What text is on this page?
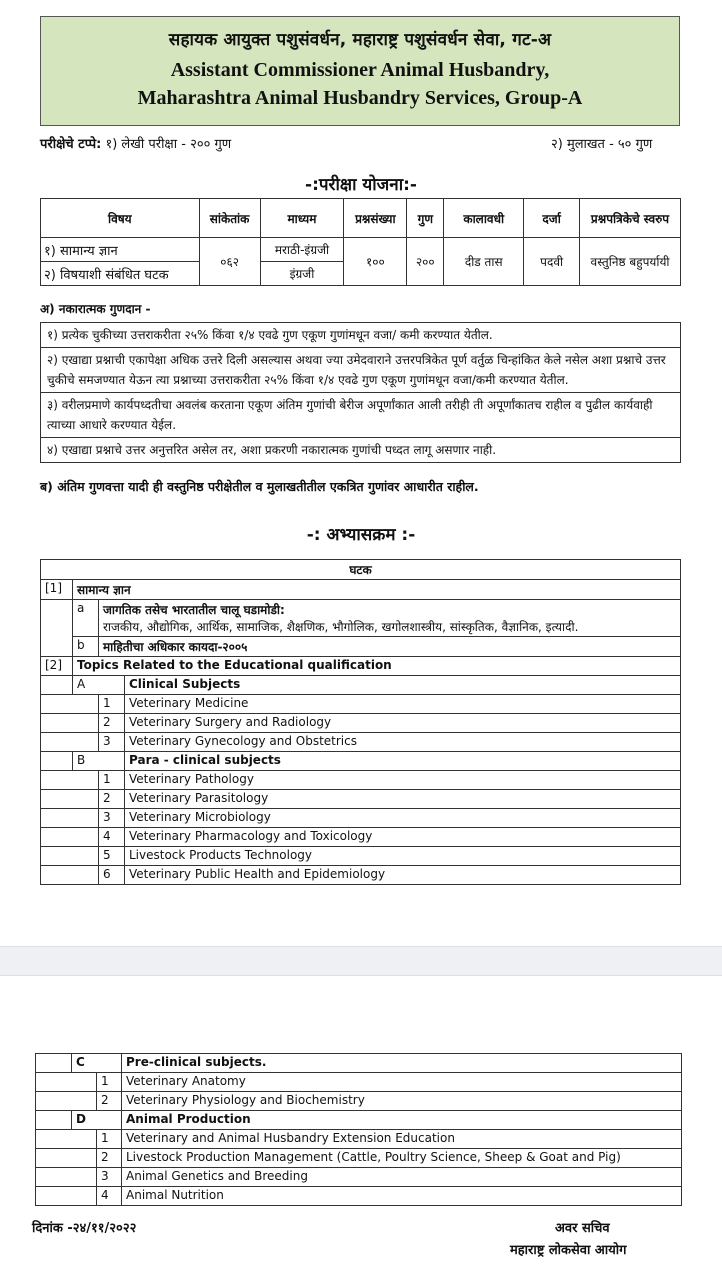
सहायक आयुक्त पशुसंवर्धन, महाराष्ट्र पशुसंवर्धन सेवा, गट-अ
Assistant Commissioner Animal Husbandry,
Maharashtra Animal Husbandry Services, Group-A
परीक्षेचे टप्पे: १) लेखी परीक्षा - २०० गुण	२) मुलाखत - ५० गुण
-:परीक्षा योजना:-
विषय	सांकेतांक	माध्यम	प्रश्नसंख्या	गुण	कालावधी	दर्जा	प्रश्नपत्रिकेचे स्वरुप
१) सामान्य ज्ञान	०६२	मराठी-इंग्रजी	१००	२००	दीड तास	पदवी	वस्तुनिष्ठ बहुपर्यायी
२) विषयाशी संबंधित घटक		इंग्रजी					
अ) नकारात्मक गुणदान -
१) प्रत्येक चुकीच्या उत्तराकरीता २५% किंवा १/४ एवढे गुण एकूण गुणांमधून वजा/ कमी करण्यात येतील.
२) एखाद्या प्रश्नाची एकापेक्षा अधिक उत्तरे दिली असल्यास अथवा ज्या उमेदवाराने उत्तरपत्रिकेत पूर्ण वर्तुळ चिन्हांकित केले नसेल अशा प्रश्नाचे उत्तर चुकीचे समजण्यात येऊन त्या प्रश्नाच्या उत्तराकरीता २५% किंवा १/४ एवढे गुण एकूण गुणांमधून वजा/कमी करण्यात येतील.
३) वरीलप्रमाणे कार्यपध्दतीचा अवलंब करताना एकूण अंतिम गुणांची बेरीज अपूर्णांकात आली तरीही ती अपूर्णांकातच राहील व पुढील कार्यवाही त्याच्या आधारे करण्यात येईल.
४) एखाद्या प्रश्नाचे उत्तर अनुत्तरित असेल तर, अशा प्रकरणी नकारात्मक गुणांची पध्दत लागू असणार नाही.
ब) अंतिम गुणवत्ता यादी ही वस्तुनिष्ठ परीक्षेतील व मुलाखतीतील एकत्रित गुणांवर आधारीत राहील.
-: अभ्यासक्रम :-
घटक			
[1]	सामान्य ज्ञान		
	a	जागतिक तसेच भारतातील चालू घडामोडी:
राजकीय, औद्योगिक, आर्थिक, सामाजिक, शैक्षणिक, भौगोलिक, खगोलशास्त्रीय, सांस्कृतिक, वैज्ञानिक, इत्यादी.	

	b	माहितीचा अधिकार कायदा-२००५	
[2]	Topics Related to the Educational qualification		
	A		Clinical Subjects
		1	Veterinary Medicine
		2	Veterinary Surgery and Radiology
		3	Veterinary Gynecology and Obstetrics
	B		Para - clinical subjects
		1	Veterinary Pathology
		2	Veterinary Parasitology
		3	Veterinary Microbiology
		4	Veterinary Pharmacology and Toxicology
		5	Livestock Products Technology
		6	Veterinary Public Health and Epidemiology
	C		Pre-clinical subjects.
		1	Veterinary Anatomy
		2	Veterinary Physiology and Biochemistry
	D		Animal Production
		1	Veterinary and Animal Husbandry Extension Education
		2	Livestock Production Management (Cattle, Poultry Science, Sheep & Goat and Pig)
		3	Animal Genetics and Breeding
		4	Animal Nutrition
दिनांक -२४/११/२०२२	अवर सचिव
महाराष्ट्र लोकसेवा आयोग
